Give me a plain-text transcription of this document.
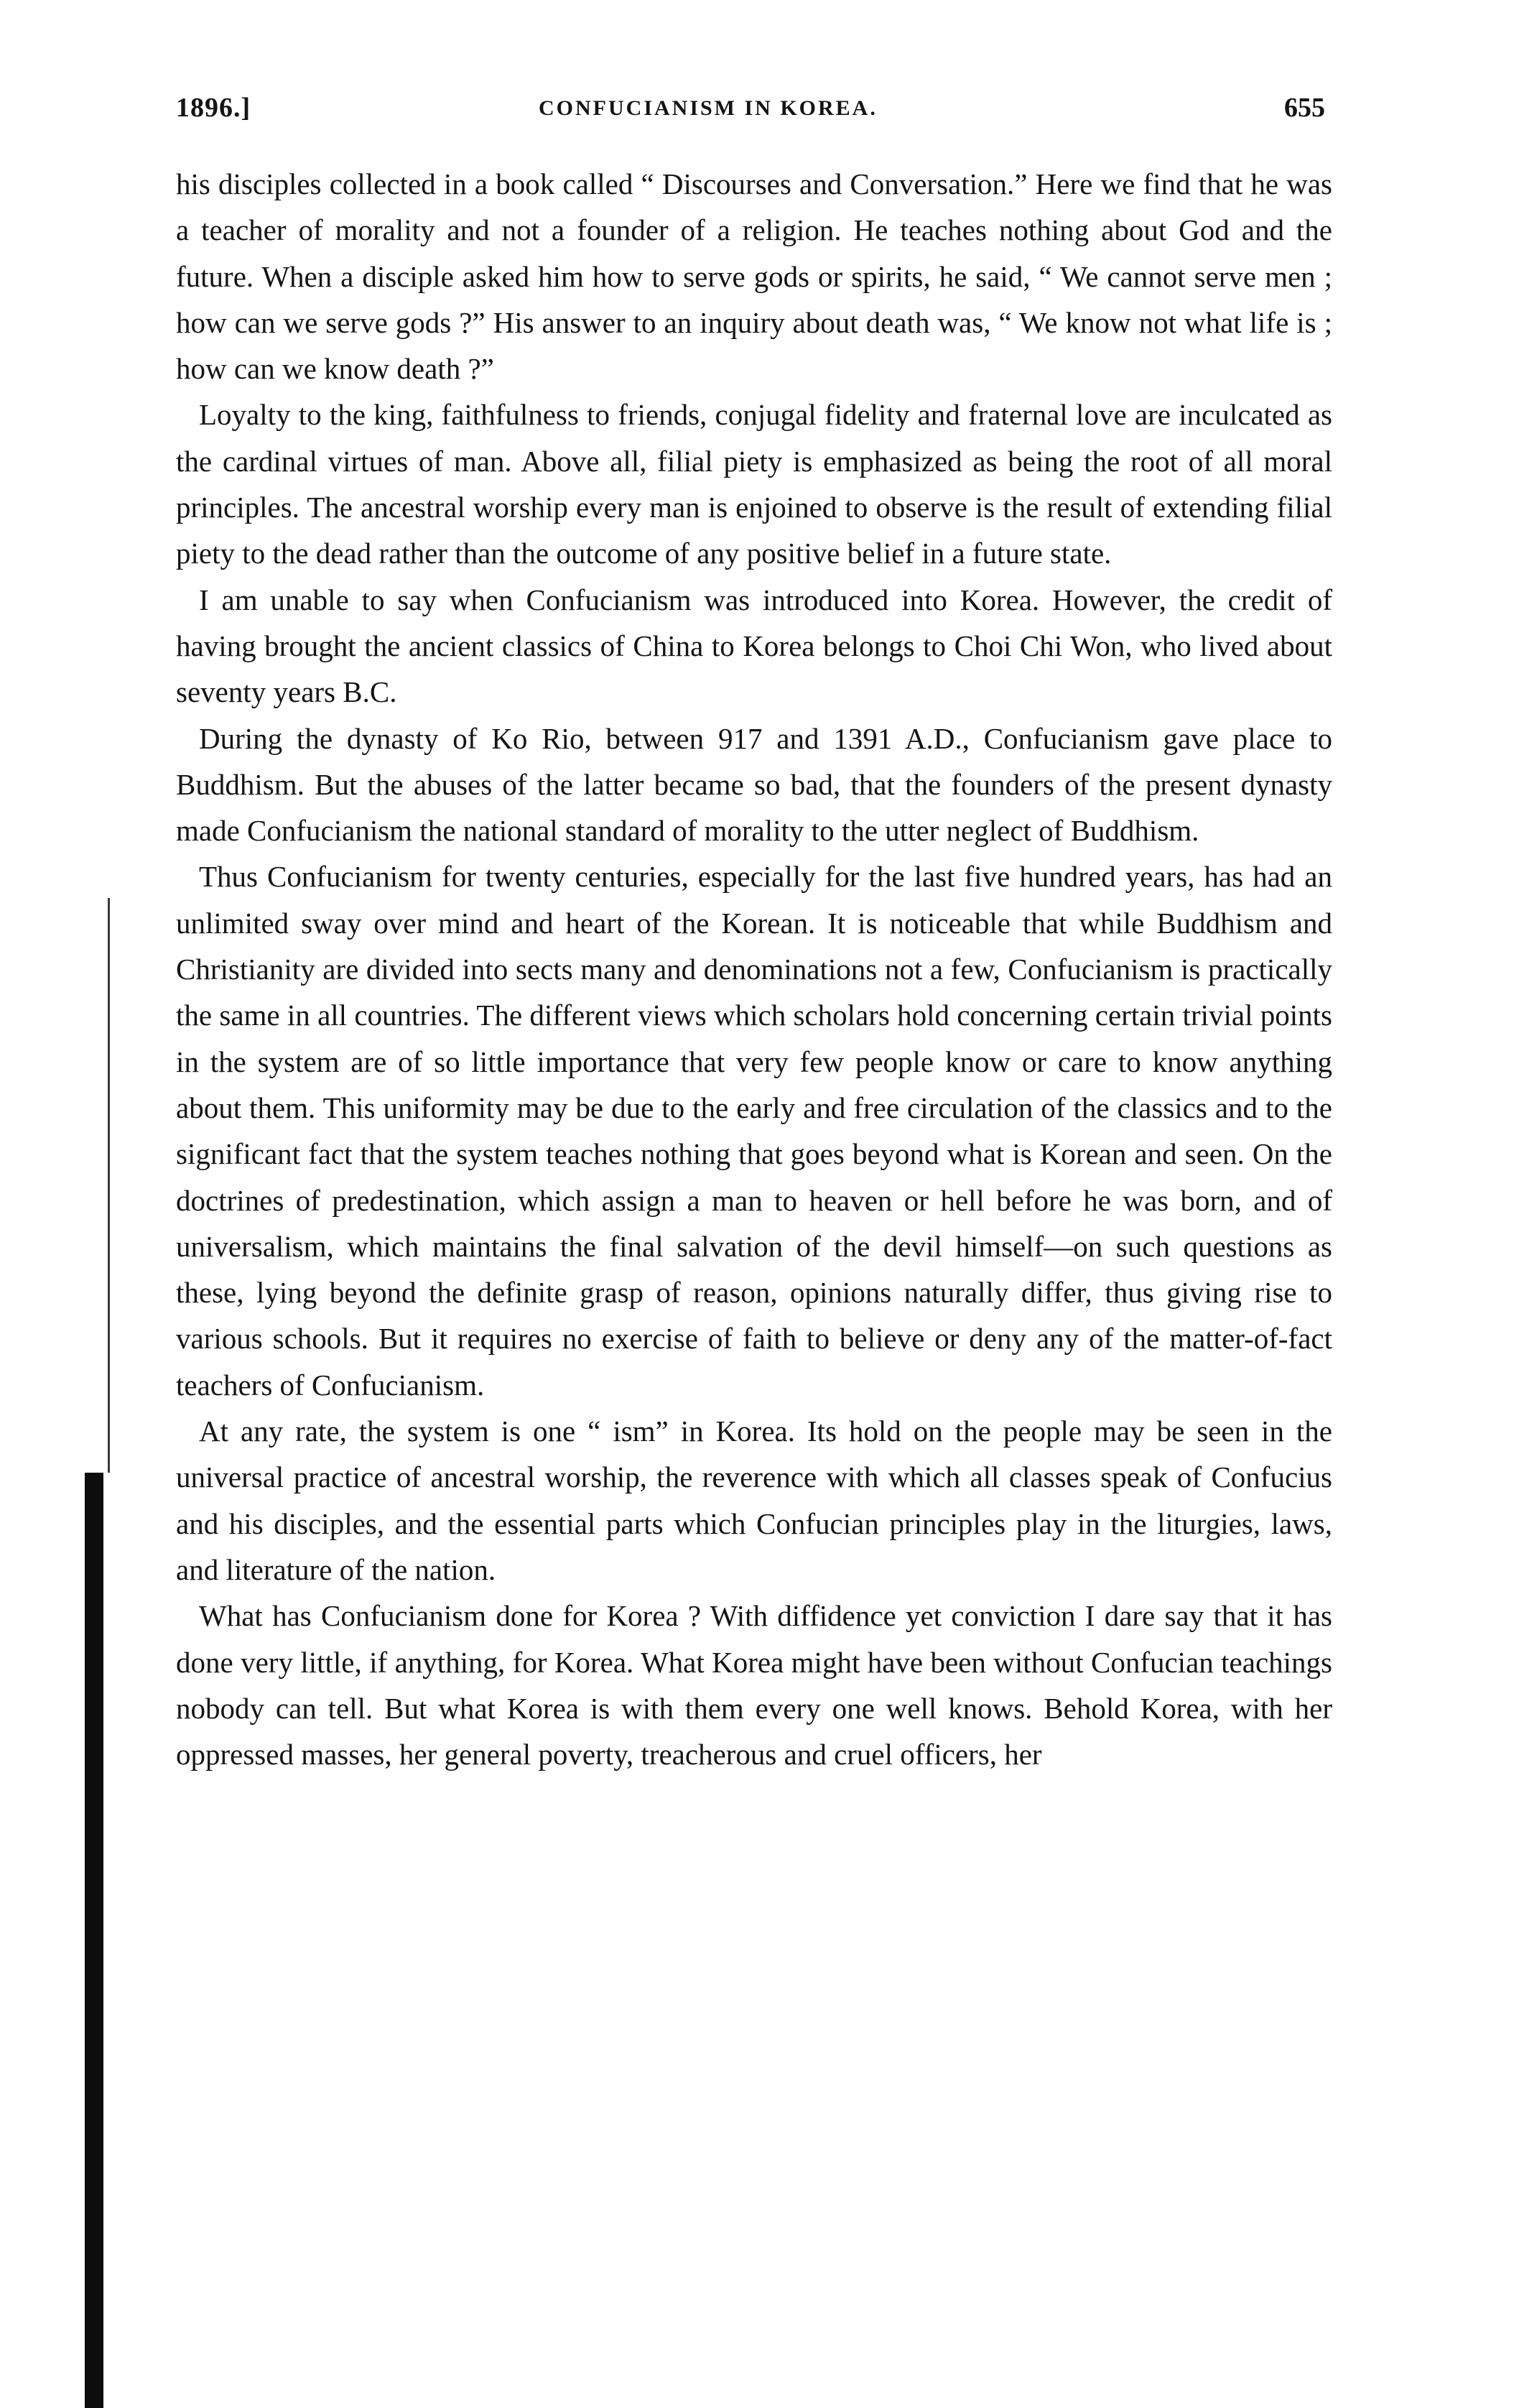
1896.]	CONFUCIANISM IN KOREA.	655

his disciples collected in a book called “ Discourses and Conversation.” Here we find that he was a teacher of morality and not a founder of a religion. He teaches nothing about God and the future. When a disciple asked him how to serve gods or spirits, he said, “ We cannot serve men ; how can we serve gods ?” His answer to an inquiry about death was, “ We know not what life is ; how can we know death ?”

Loyalty to the king, faithfulness to friends, conjugal fidelity and fraternal love are inculcated as the cardinal virtues of man. Above all, filial piety is emphasized as being the root of all moral principles. The ancestral worship every man is enjoined to observe is the result of extending filial piety to the dead rather than the outcome of any positive belief in a future state.

I am unable to say when Confucianism was introduced into Korea. However, the credit of having brought the ancient classics of China to Korea belongs to Choi Chi Won, who lived about seventy years B.C.

During the dynasty of Ko Rio, between 917 and 1391 A.D., Confucianism gave place to Buddhism. But the abuses of the latter became so bad, that the founders of the present dynasty made Confucianism the national standard of morality to the utter neglect of Buddhism.

Thus Confucianism for twenty centuries, especially for the last five hundred years, has had an unlimited sway over mind and heart of the Korean. It is noticeable that while Buddhism and Christianity are divided into sects many and denominations not a few, Confucianism is practically the same in all countries. The different views which scholars hold concerning certain trivial points in the system are of so little importance that very few people know or care to know anything about them. This uniformity may be due to the early and free circulation of the classics and to the significant fact that the system teaches nothing that goes beyond what is Korean and seen. On the doctrines of predestination, which assign a man to heaven or hell before he was born, and of universalism, which maintains the final salvation of the devil himself—on such questions as these, lying beyond the definite grasp of reason, opinions naturally differ, thus giving rise to various schools. But it requires no exercise of faith to believe or deny any of the matter-of-fact teachers of Confucianism.

At any rate, the system is one “ ism” in Korea. Its hold on the people may be seen in the universal practice of ancestral worship, the reverence with which all classes speak of Confucius and his disciples, and the essential parts which Confucian principles play in the liturgies, laws, and literature of the nation.

What has Confucianism done for Korea ? With diffidence yet conviction I dare say that it has done very little, if anything, for Korea. What Korea might have been without Confucian teachings nobody can tell. But what Korea is with them every one well knows. Behold Korea, with her oppressed masses, her general poverty, treacherous and cruel officers, her
